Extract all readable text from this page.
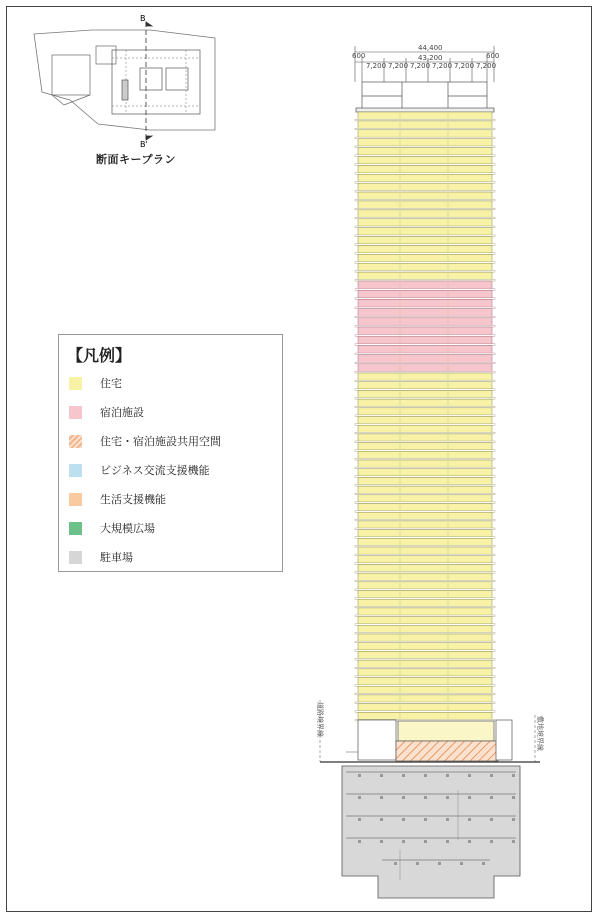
B
B'
断面キープラン
【凡例】
住宅
宿泊施設
住宅・宿泊施設共用空間
ビジネス交流支援機能
生活支援機能
大規模広場
駐車場
44,400
43,200
600	600
7,200 7,200 7,200 7,200 7,200 7,200
道路境界線	敷地境界線
